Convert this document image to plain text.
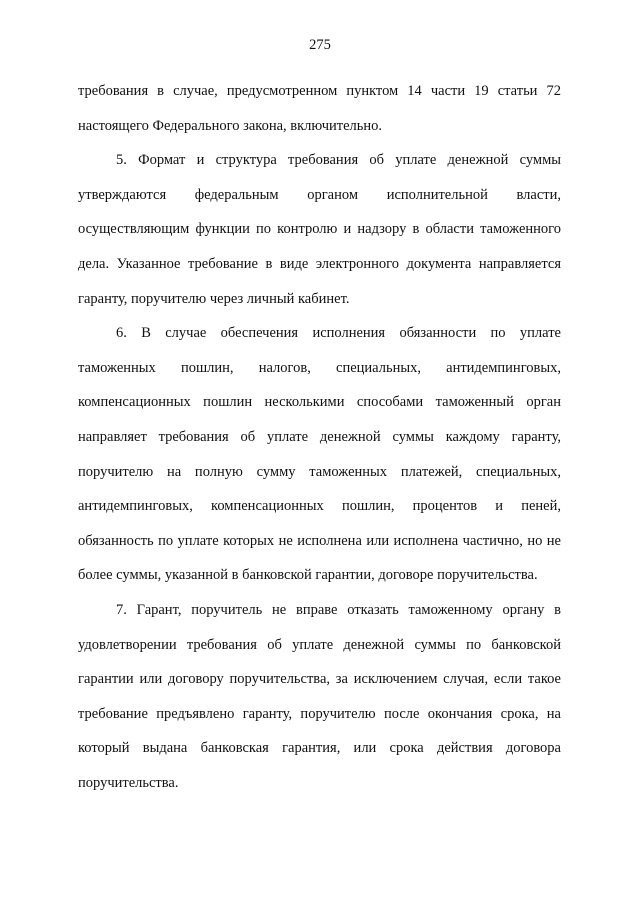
275

требования в случае, предусмотренном пунктом 14 части 19 статьи 72 настоящего Федерального закона, включительно.

5. Формат и структура требования об уплате денежной суммы утверждаются федеральным органом исполнительной власти, осуществляющим функции по контролю и надзору в области таможенного дела. Указанное требование в виде электронного документа направляется гаранту, поручителю через личный кабинет.

6. В случае обеспечения исполнения обязанности по уплате таможенных пошлин, налогов, специальных, антидемпинговых, компенсационных пошлин несколькими способами таможенный орган направляет требования об уплате денежной суммы каждому гаранту, поручителю на полную сумму таможенных платежей, специальных, антидемпинговых, компенсационных пошлин, процентов и пеней, обязанность по уплате которых не исполнена или исполнена частично, но не более суммы, указанной в банковской гарантии, договоре поручительства.

7. Гарант, поручитель не вправе отказать таможенному органу в удовлетворении требования об уплате денежной суммы по банковской гарантии или договору поручительства, за исключением случая, если такое требование предъявлено гаранту, поручителю после окончания срока, на который выдана банковская гарантия, или срока действия договора поручительства.
